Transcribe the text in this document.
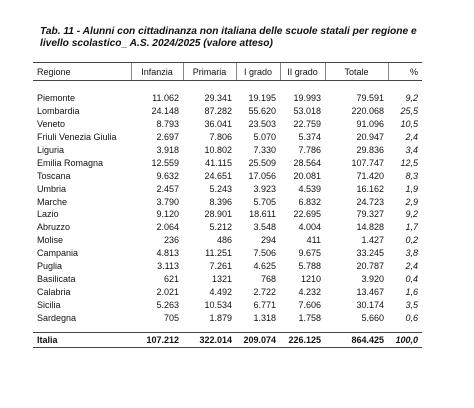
Tab. 11 - Alunni con cittadinanza non italiana delle scuole statali per regione e livello scolastico_ A.S. 2024/2025 (valore atteso)
Regione	Infanzia	Primaria	I grado	II grado	Totale	%

Piemonte	11.062	29.341	19.195	19.993	79.591	9,2
Lombardia	24.148	87.282	55.620	53.018	220.068	25,5
Veneto	8.793	36.041	23.503	22.759	91.096	10,5
Friuli Venezia Giulia	2.697	7.806	5.070	5.374	20.947	2,4
Liguria	3.918	10.802	7.330	7.786	29.836	3,4
Emilia Romagna	12.559	41.115	25.509	28.564	107.747	12,5
Toscana	9.632	24.651	17.056	20.081	71.420	8,3
Umbria	2.457	5.243	3.923	4.539	16.162	1,9
Marche	3.790	8.396	5.705	6.832	24.723	2,9
Lazio	9.120	28.901	18.611	22.695	79.327	9,2
Abruzzo	2.064	5.212	3.548	4.004	14.828	1,7
Molise	236	486	294	411	1.427	0,2
Campania	4.813	11.251	7.506	9.675	33.245	3,8
Puglia	3.113	7.261	4.625	5.788	20.787	2,4
Basilicata	621	1321	768	1210	3.920	0,4
Calabria	2.021	4.492	2.722	4.232	13.467	1,6
Sicilia	5.263	10.534	6.771	7.606	30.174	3,5
Sardegna	705	1.879	1.318	1.758	5.660	0,6

Italia	107.212	322.014	209.074	226.125	864.425	100,0
